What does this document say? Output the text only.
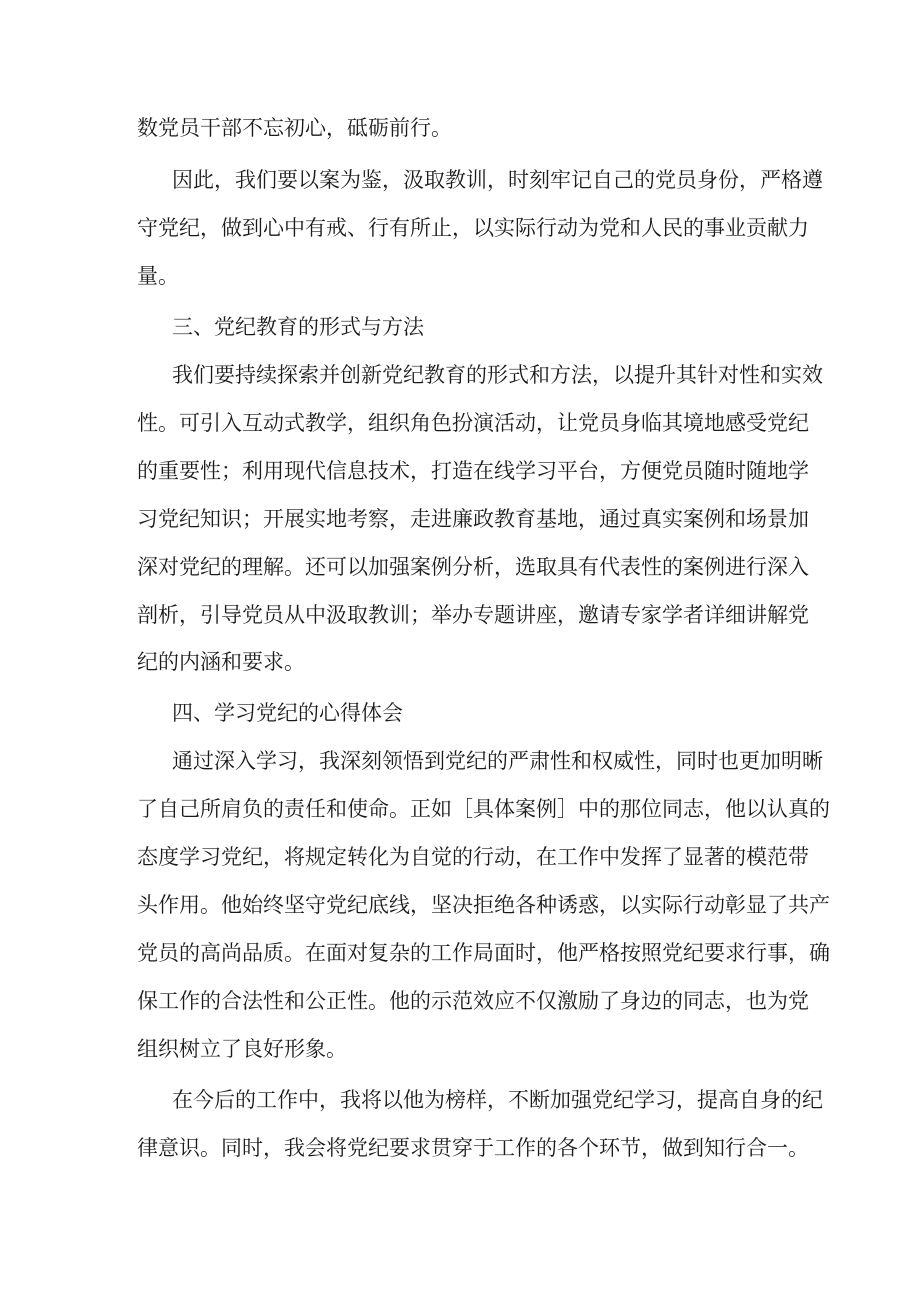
数党员干部不忘初心，砥砺前行。
因此，我们要以案为鉴，汲取教训，时刻牢记自己的党员身份，严格遵
守党纪，做到心中有戒、行有所止，以实际行动为党和人民的事业贡献力
量。
三、党纪教育的形式与方法
我们要持续探索并创新党纪教育的形式和方法，以提升其针对性和实效
性。可引入互动式教学，组织角色扮演活动，让党员身临其境地感受党纪
的重要性；利用现代信息技术，打造在线学习平台，方便党员随时随地学
习党纪知识；开展实地考察，走进廉政教育基地，通过真实案例和场景加
深对党纪的理解。还可以加强案例分析，选取具有代表性的案例进行深入
剖析，引导党员从中汲取教训；举办专题讲座，邀请专家学者详细讲解党
纪的内涵和要求。
四、学习党纪的心得体会
通过深入学习，我深刻领悟到党纪的严肃性和权威性，同时也更加明晰
了自己所肩负的责任和使命。正如［具体案例］中的那位同志，他以认真的
态度学习党纪，将规定转化为自觉的行动，在工作中发挥了显著的模范带
头作用。他始终坚守党纪底线，坚决拒绝各种诱惑，以实际行动彰显了共产
党员的高尚品质。在面对复杂的工作局面时，他严格按照党纪要求行事，确
保工作的合法性和公正性。他的示范效应不仅激励了身边的同志，也为党
组织树立了良好形象。
在今后的工作中，我将以他为榜样，不断加强党纪学习，提高自身的纪
律意识。同时，我会将党纪要求贯穿于工作的各个环节，做到知行合一。
